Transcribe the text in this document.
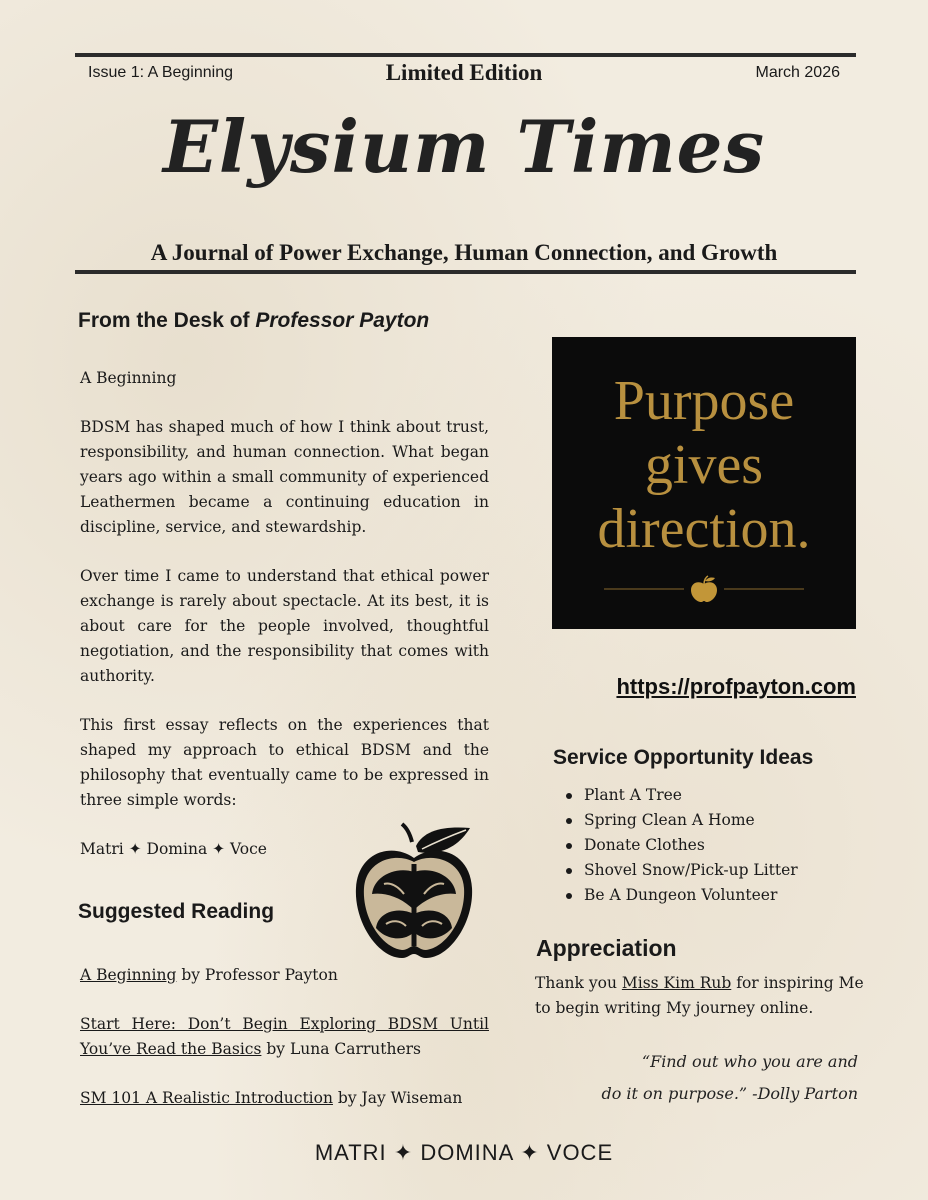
Issue 1: A Beginning	Limited Edition	March 2026
Elysium Times
A Journal of Power Exchange, Human Connection, and Growth
From the Desk of Professor Payton

A Beginning

BDSM has shaped much of how I think about trust, responsibility, and human connection. What began years ago within a small community of experienced Leathermen became a continuing education in discipline, service, and stewardship.

Over time I came to understand that ethical power exchange is rarely about spectacle. At its best, it is about care for the people involved, thoughtful negotiation, and the responsibility that comes with authority.

This first essay reflects on the experiences that shaped my approach to ethical BDSM and the philosophy that eventually came to be expressed in three simple words:

Matri ✦ Domina ✦ Voce

Suggested Reading
A Beginning by Professor Payton
Start Here: Don’t Begin Exploring BDSM Until You’ve Read the Basics by Luna Carruthers
SM 101 A Realistic Introduction by Jay Wiseman
Purpose
gives
direction.
https://profpayton.com
Service Opportunity Ideas
Plant A Tree
Spring Clean A Home
Donate Clothes
Shovel Snow/Pick-up Litter
Be A Dungeon Volunteer
Appreciation

Thank you Miss Kim Rub for inspiring Me to begin writing My journey online.

“Find out who you are and
do it on purpose.” -Dolly Parton
MATRI ✦ DOMINA ✦ VOCE
